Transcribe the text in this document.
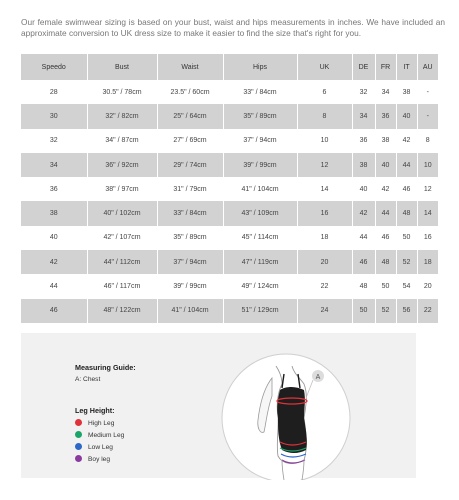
Our female swimwear sizing is based on your bust, waist and hips measurements in inches. We have included an approximate conversion to UK dress size to make it easier to find the size that's right for you.

Speedo	Bust	Waist	Hips	UK	DE	FR	IT	AU
28	30.5" / 78cm	23.5" / 60cm	33" / 84cm	6	32	34	38	-
30	32" / 82cm	25" / 64cm	35" / 89cm	8	34	36	40	-
32	34" / 87cm	27" / 69cm	37" / 94cm	10	36	38	42	8
34	36" / 92cm	29" / 74cm	39" / 99cm	12	38	40	44	10
36	38" / 97cm	31" / 79cm	41" / 104cm	14	40	42	46	12
38	40" / 102cm	33" / 84cm	43" / 109cm	16	42	44	48	14
40	42" / 107cm	35" / 89cm	45" / 114cm	18	44	46	50	16
42	44" / 112cm	37" / 94cm	47" / 119cm	20	46	48	52	18
44	46" / 117cm	39" / 99cm	49" / 124cm	22	48	50	54	20
46	48" / 122cm	41" / 104cm	51" / 129cm	24	50	52	56	22
Measuring Guide:
A: Chest
Leg Height:
High Leg
Medium Leg
Low Leg
Boy leg
A
